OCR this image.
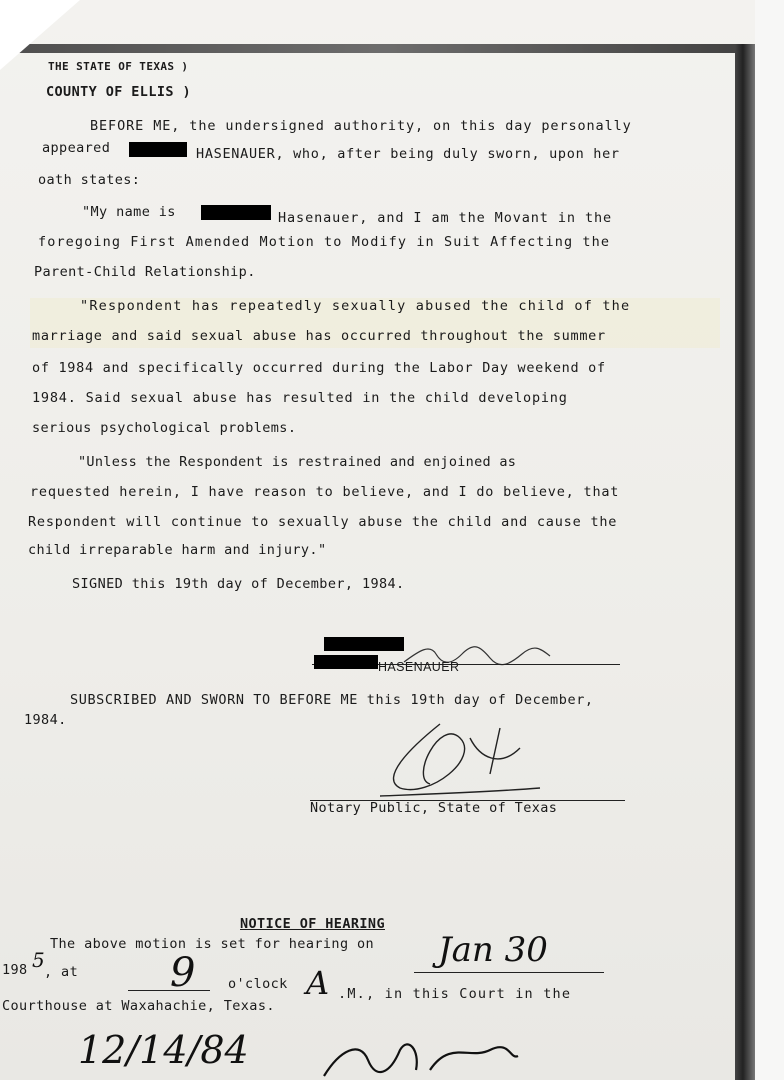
THE STATE OF TEXAS )
COUNTY OF ELLIS )
BEFORE ME, the undersigned authority, on this day personally
appeared	HASENAUER, who, after being duly sworn, upon her
oath states:
"My name is	Hasenauer, and I am the Movant in the
foregoing First Amended Motion to Modify in Suit Affecting the
Parent-Child Relationship.
"Respondent has repeatedly sexually abused the child of the
marriage and said sexual abuse has occurred throughout the summer
of 1984 and specifically occurred during the Labor Day weekend of
1984. Said sexual abuse has resulted in the child developing
serious psychological problems.
"Unless the Respondent is restrained and enjoined as
requested herein, I have reason to believe, and I do believe, that
Respondent will continue to sexually abuse the child and cause the
child irreparable harm and injury."
SIGNED this 19th day of December, 1984.
HASENAUER
SUBSCRIBED AND SWORN TO BEFORE ME this 19th day of December,
1984.
Notary Public, State of Texas
NOTICE OF HEARING
The above motion is set for hearing on Jan 30
198 5 , at 9 o'clock A .M., in this Court in the
Courthouse at Waxahachie, Texas.
12/14/84
